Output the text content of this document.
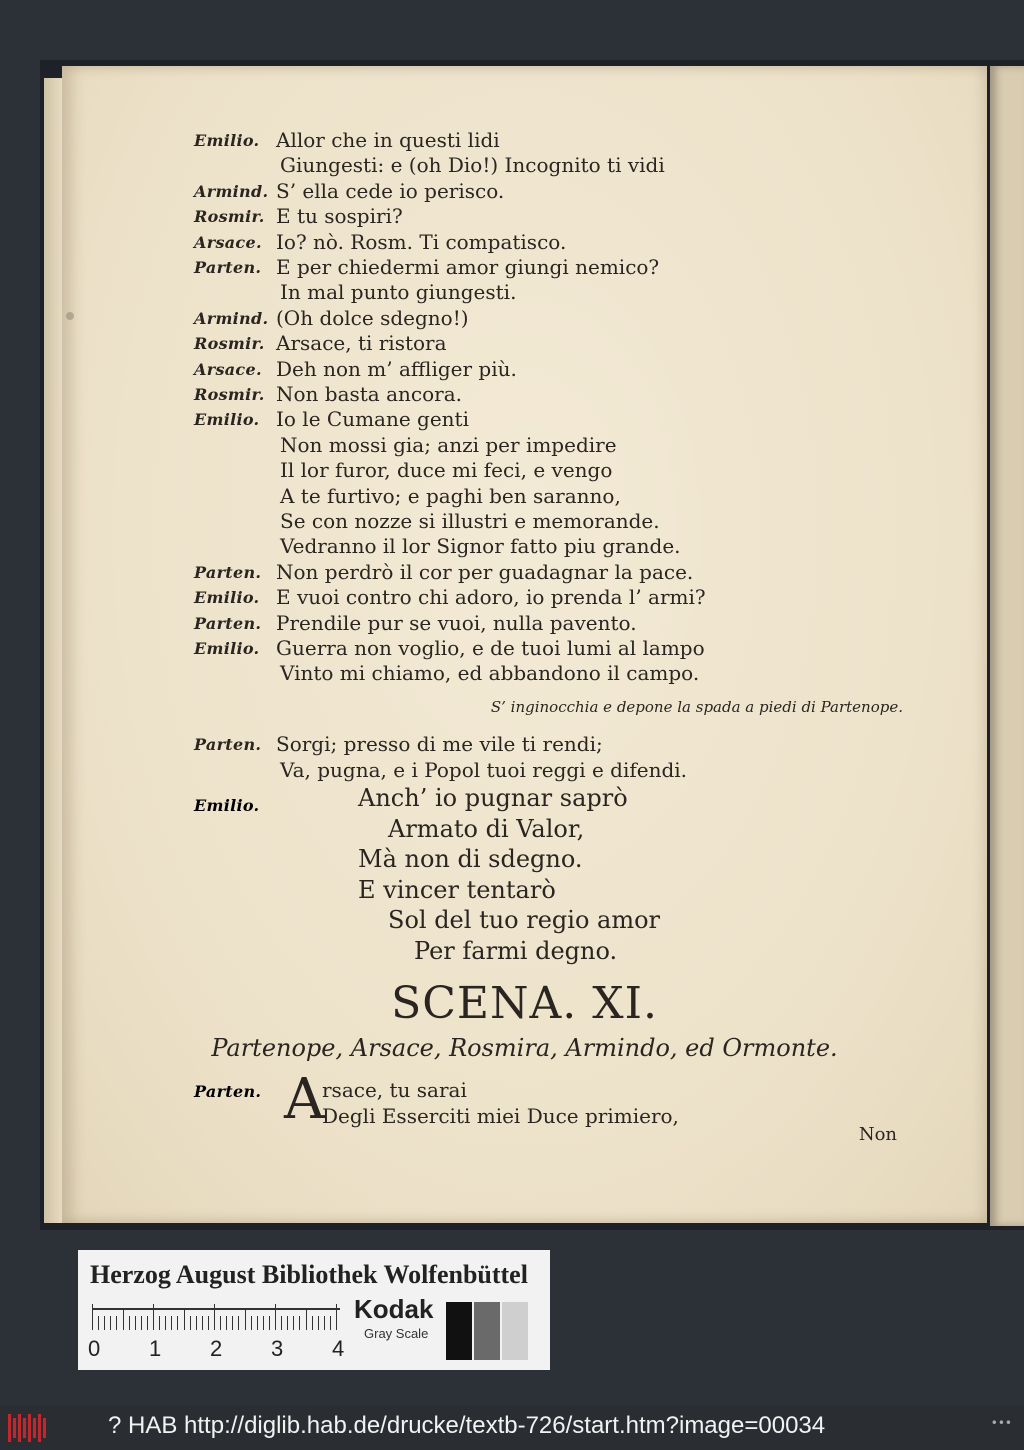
Emilio. Allor che in questi lidi
Giungesti: e (oh Dio!) Incognito ti vidi
Armind. S’ ella cede io perisco.
Rosmir. E tu sospiri?
Arsace. Io? nò. Rosm. Ti compatisco.
Parten. E per chiedermi amor giungi nemico?
In mal punto giungesti.
Armind. (Oh dolce sdegno!)
Rosmir. Arsace, ti ristora
Arsace. Deh non m’ affliger più.
Rosmir. Non basta ancora.
Emilio. Io le Cumane genti
Non mossi gia; anzi per impedire
Il lor furor, duce mi feci, e vengo
A te furtivo; e paghi ben saranno,
Se con nozze si illustri e memorande.
Vedranno il lor Signor fatto piu grande.
Parten. Non perdrò il cor per guadagnar la pace.
Emilio. E vuoi contro chi adoro, io prenda l’ armi?
Parten. Prendile pur se vuoi, nulla pavento.
Emilio. Guerra non voglio, e de tuoi lumi al lampo
Vinto mi chiamo, ed abbandono il campo.
S’ inginocchia e depone la spada a piedi di Partenope.
Parten. Sorgi; presso di me vile ti rendi;
Va, pugna, e i Popol tuoi reggi e difendi.
Emilio.	Anch’ io pugnar saprò
Armato di Valor,
Mà non di sdegno.
E vincer tentarò
Sol del tuo regio amor
Per farmi degno.
SCENA. XI.
Partenope, Arsace, Rosmira, Armindo, ed Ormonte.
Parten. A
rsace, tu sarai
Degli Esserciti miei Duce primiero,
Non
Herzog August Bibliothek Wolfenbüttel
0 1 2 3 4
Kodak
Gray Scale
? HAB http://diglib.hab.de/drucke/textb-726/start.htm?image=00034	•••
